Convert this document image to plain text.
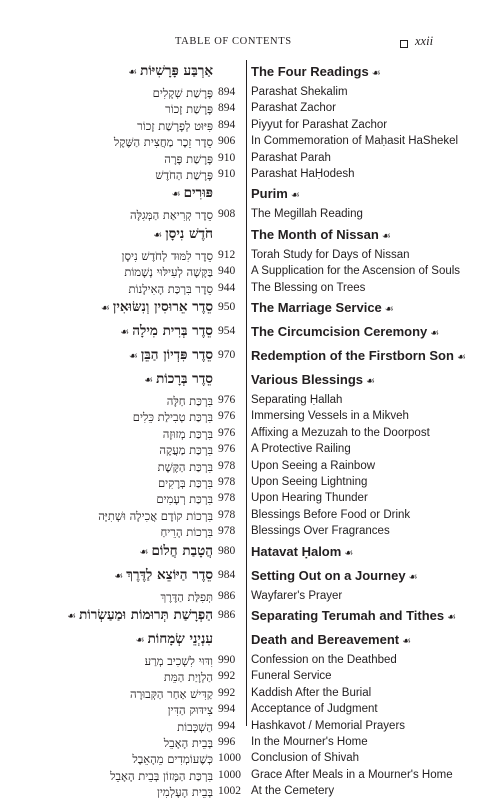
TABLE OF CONTENTS	xxii
אַרְבַּע פָּרָשִׁיּוֹת☙	The Four Readings ☙
פָּרָשַׁת שְׁקָלִים 894	Parashat Shekalim
פָּרָשַׁת זָכוֹר 894	Parashat Zachor
פִּיּוּט לְפָרָשַׁת זָכוֹר 894	Piyyut for Parashat Zachor
סֵדֶר זֵכֶר מַחֲצִית הַשֶּׁקֶל 906	In Commemoration of Maḥasit HaShekel
פָּרָשַׁת פָּרָה 910	Parashat Parah
פָּרָשַׁת הַחֹדֶשׁ 910	Parashat HaḤodesh
פּוּרִים☙	Purim ☙
סֵדֶר קְרִיאַת הַמְּגִלָּה 908	The Megillah Reading
חֹדֶשׁ נִיסָן☙	The Month of Nissan ☙
סֵדֶר לִמּוּד לְחֹדֶשׁ נִיסָן 912	Torah Study for Days of Nissan
בַּקָּשָׁה לְעִילּוּי נְשָׁמוֹת 940	A Supplication for the Ascension of Souls
סֵדֶר בִּרְכַּת הָאִילָנוֹת 944	The Blessing on Trees
סֵדֶר אֵרוּסִין וְנִשּׂוּאִין☙	950	The Marriage Service ☙
סֵדֶר בְּרִית מִילָה☙	954	The Circumcision Ceremony ☙
סֵדֶר פִּדְיוֹן הַבֵּן☙	970	Redemption of the Firstborn Son ☙
סֵדֶר בְּרָכוֹת☙	Various Blessings ☙
בִּרְכַּת חַלָּה 976	Separating Ḥallah
בִּרְכַּת טְבִילַת כֵּלִים 976	Immersing Vessels in a Mikveh
בִּרְכַּת מְזוּזָה 976	Affixing a Mezuzah to the Doorpost
בִּרְכַּת מַעֲקֶה 976	A Protective Railing
בִּרְכַּת הַקֶּשֶׁת 978	Upon Seeing a Rainbow
בִּרְכַּת בְּרָקִים 978	Upon Seeing Lightning
בִּרְכַּת רְעָמִים 978	Upon Hearing Thunder
בִּרְכוֹת קוֹדֶם אֲכִילָה וּשְׁתִיָּה 978	Blessings Before Food or Drink
בִּרְכוֹת הָרֵיחַ 978	Blessings Over Fragrances
הֲטָבַת חֲלוֹם☙	980	Hatavat Ḥalom ☙
סֵדֶר הַיּוֹצֵא לַדֶּרֶךְ☙	984	Setting Out on a Journey ☙
תְּפִלַּת הַדֶּרֶךְ 986	Wayfarer's Prayer
הַפְרָשַׁת תְּרוּמוֹת וּמַעַשְׂרוֹת☙	986	Separating Terumah and Tithes ☙
עִנְיְנֵי שְׂמָחוֹת☙	Death and Bereavement ☙
וִדּוּי לִשְׁכִיב מְרַע 990	Confession on the Deathbed
הַלְוָיַת הַמֵּת 992	Funeral Service
קַדִּישׁ אַחַר הַקְּבוּרָה 992	Kaddish After the Burial
צִידּוּק הַדִּין 994	Acceptance of Judgment
הַשְׁכָּבוֹת 994	Hashkavot / Memorial Prayers
בְּבֵית הָאָבֵל 996	In the Mourner's Home
כְּשֶׁעוֹמְדִים מֵהָאֵבֶל 1000 Conclusion of Shivah
בִּרְכַּת הַמָּזוֹן בְּבֵית הָאָבֵל 1000 Grace After Meals in a Mourner's Home
בְּבֵית הָעָלְמִין 1002 At the Cemetery
